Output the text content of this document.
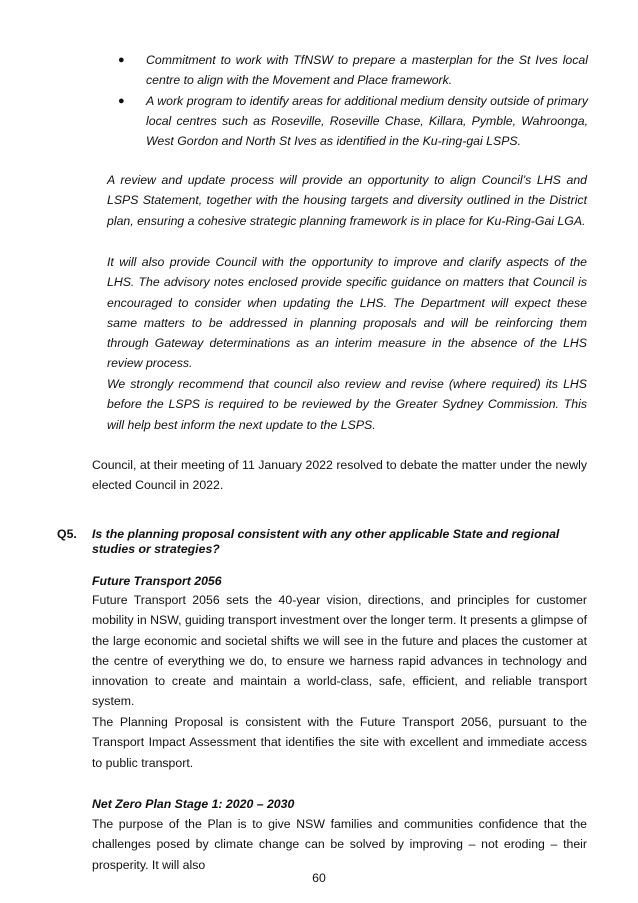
● Commitment to work with TfNSW to prepare a masterplan for the St Ives local centre to align with the Movement and Place framework.
● A work program to identify areas for additional medium density outside of primary local centres such as Roseville, Roseville Chase, Killara, Pymble, Wahroonga, West Gordon and North St Ives as identified in the Ku-ring-gai LSPS.

A review and update process will provide an opportunity to align Council’s LHS and LSPS Statement, together with the housing targets and diversity outlined in the District plan, ensuring a cohesive strategic planning framework is in place for Ku-Ring-Gai LGA.

It will also provide Council with the opportunity to improve and clarify aspects of the LHS. The advisory notes enclosed provide specific guidance on matters that Council is encouraged to consider when updating the LHS. The Department will expect these same matters to be addressed in planning proposals and will be reinforcing them through Gateway determinations as an interim measure in the absence of the LHS review process.

We strongly recommend that council also review and revise (where required) its LHS before the LSPS is required to be reviewed by the Greater Sydney Commission. This will help best inform the next update to the LSPS.

Council, at their meeting of 11 January 2022 resolved to debate the matter under the newly elected Council in 2022.

Q5. Is the planning proposal consistent with any other applicable State and regional studies or strategies?

Future Transport 2056

Future Transport 2056 sets the 40-year vision, directions, and principles for customer mobility in NSW, guiding transport investment over the longer term. It presents a glimpse of the large economic and societal shifts we will see in the future and places the customer at the centre of everything we do, to ensure we harness rapid advances in technology and innovation to create and maintain a world-class, safe, efficient, and reliable transport system.

The Planning Proposal is consistent with the Future Transport 2056, pursuant to the Transport Impact Assessment that identifies the site with excellent and immediate access to public transport.

Net Zero Plan Stage 1: 2020 – 2030

The purpose of the Plan is to give NSW families and communities confidence that the challenges posed by climate change can be solved by improving – not eroding – their prosperity. It will also

60
